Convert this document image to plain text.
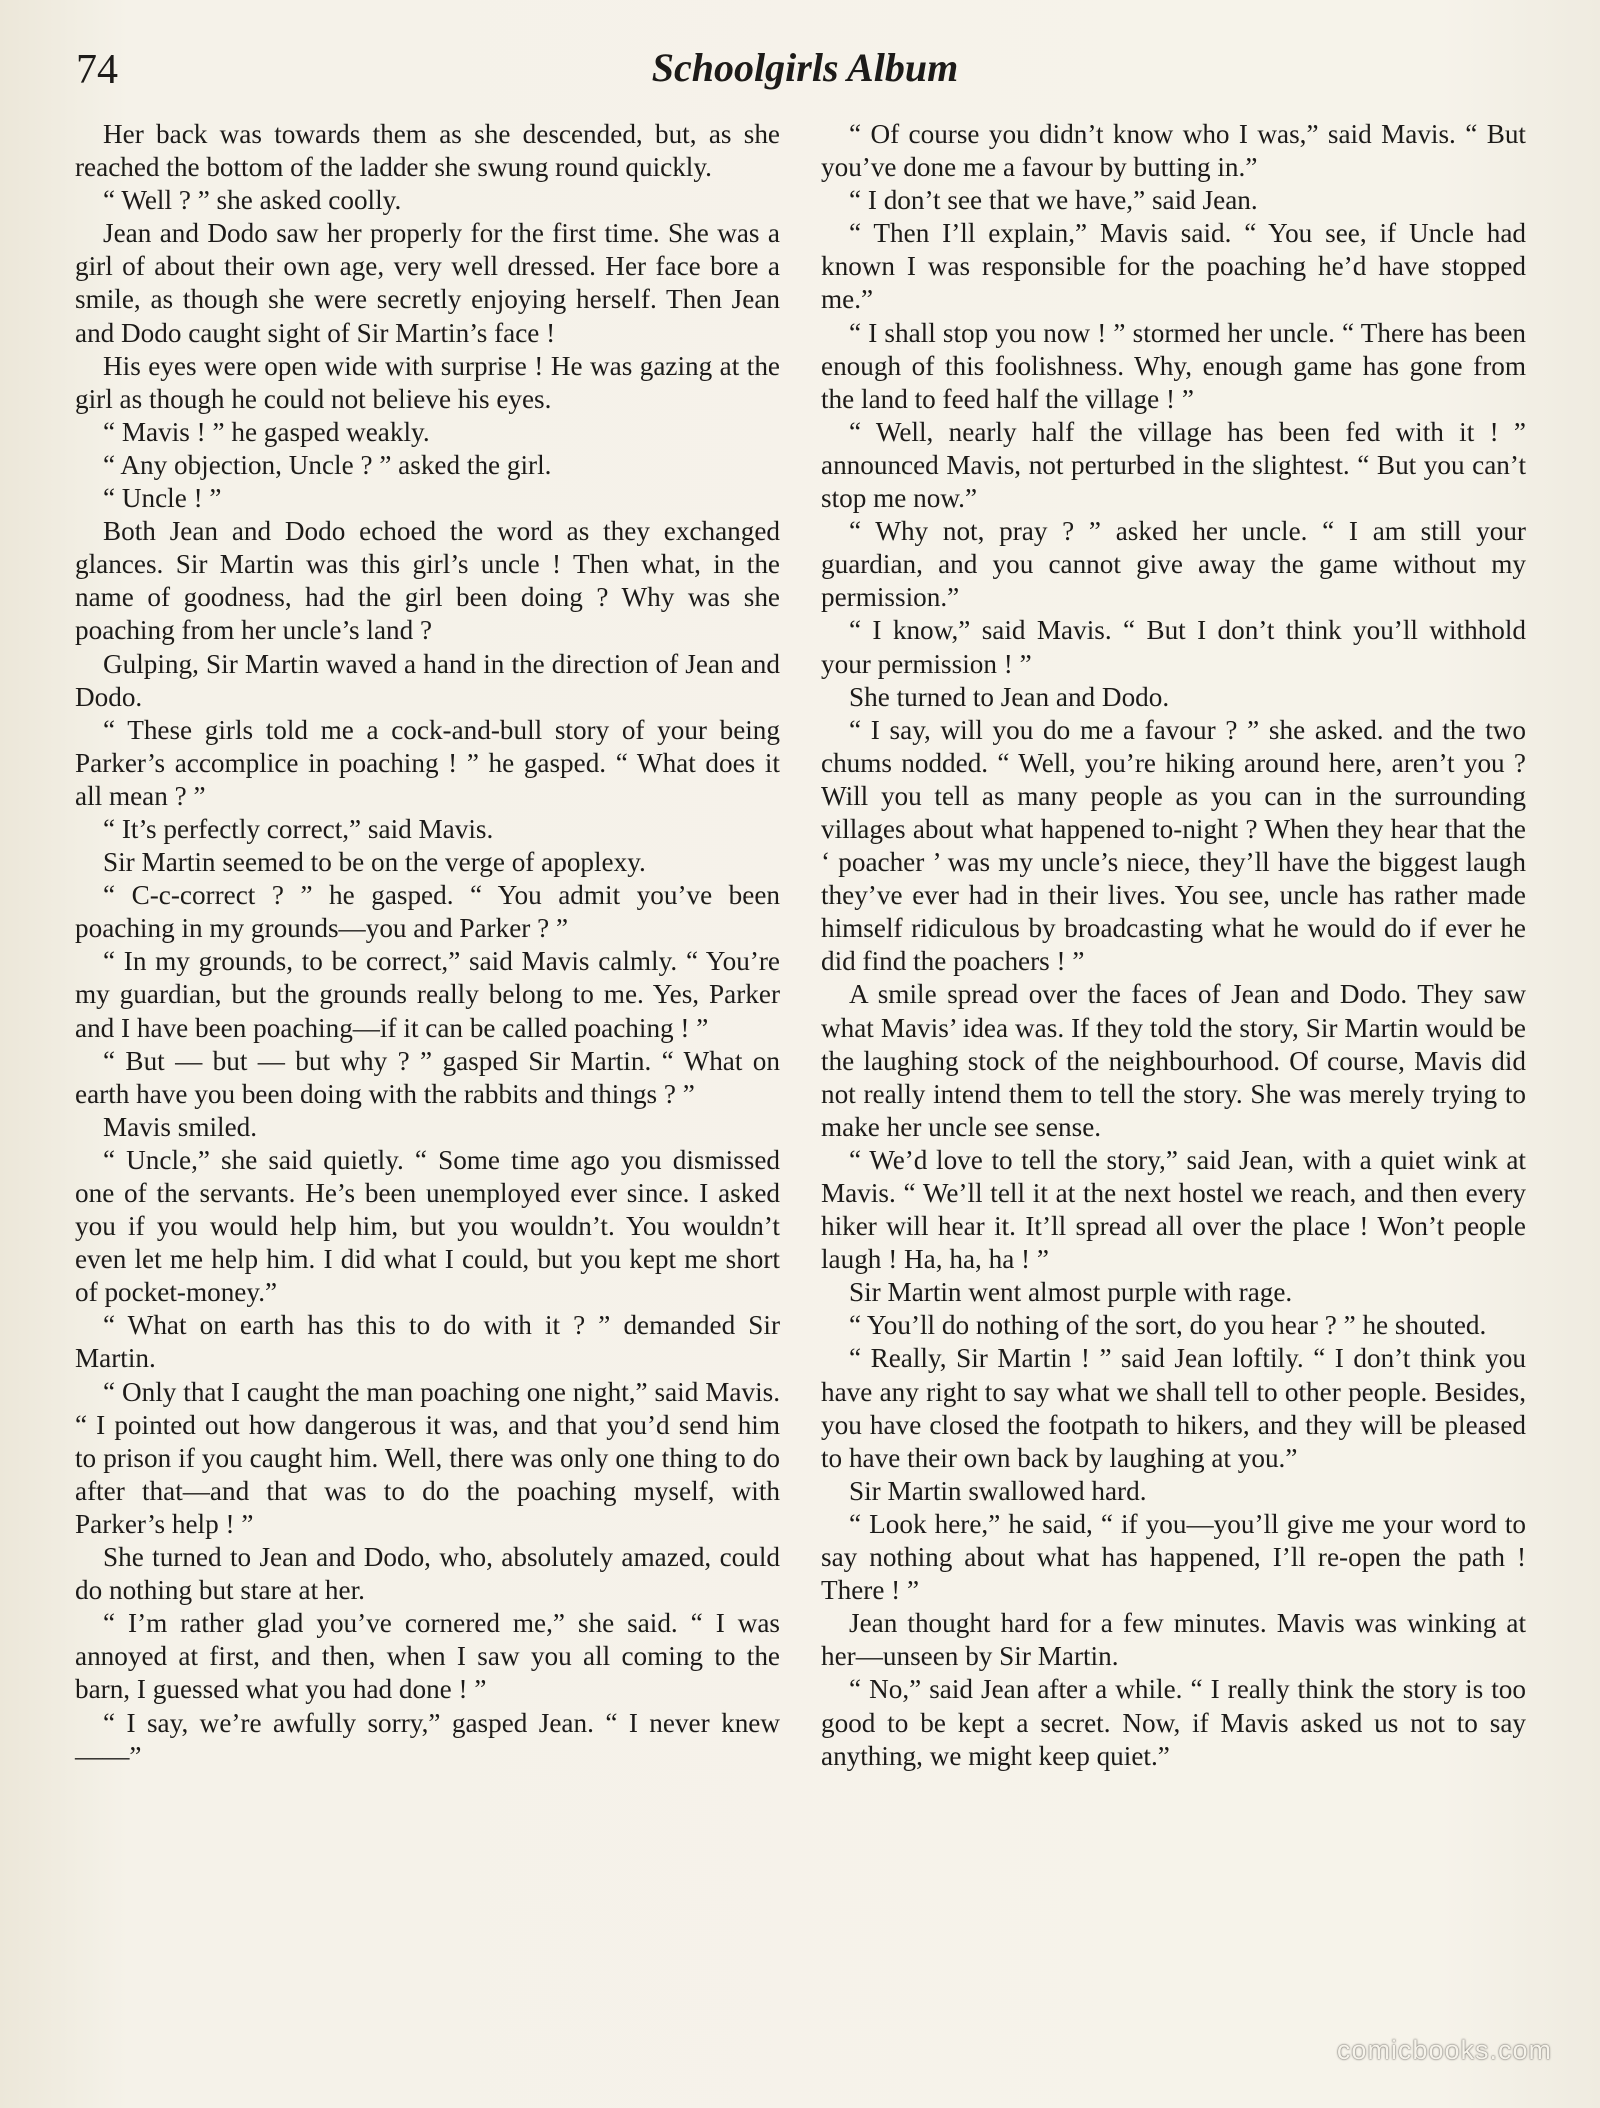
74	Schoolgirls Album

Her back was towards them as she descended, but, as she reached the bottom of the ladder she swung round quickly.

“ Well ? ” she asked coolly.

Jean and Dodo saw her properly for the first time. She was a girl of about their own age, very well dressed. Her face bore a smile, as though she were secretly enjoying herself. Then Jean and Dodo caught sight of Sir Martin’s face !

His eyes were open wide with surprise ! He was gazing at the girl as though he could not believe his eyes.

“ Mavis ! ” he gasped weakly.

“ Any objection, Uncle ? ” asked the girl.

“ Uncle ! ”

Both Jean and Dodo echoed the word as they exchanged glances. Sir Martin was this girl’s uncle ! Then what, in the name of goodness, had the girl been doing ? Why was she poaching from her uncle’s land ?

Gulping, Sir Martin waved a hand in the direction of Jean and Dodo.

“ These girls told me a cock-and-bull story of your being Parker’s accomplice in poaching ! ” he gasped. “ What does it all mean ? ”

“ It’s perfectly correct,” said Mavis.

Sir Martin seemed to be on the verge of apoplexy.

“ C-c-correct ? ” he gasped. “ You admit you’ve been poaching in my grounds—you and Parker ? ”

“ In my grounds, to be correct,” said Mavis calmly. “ You’re my guardian, but the grounds really belong to me. Yes, Parker and I have been poaching—if it can be called poaching ! ”

“ But — but — but why ? ” gasped Sir Martin. “ What on earth have you been doing with the rabbits and things ? ”

Mavis smiled.

“ Uncle,” she said quietly. “ Some time ago you dismissed one of the servants. He’s been unemployed ever since. I asked you if you would help him, but you wouldn’t. You wouldn’t even let me help him. I did what I could, but you kept me short of pocket-money.”

“ What on earth has this to do with it ? ” demanded Sir Martin.

“ Only that I caught the man poaching one night,” said Mavis. “ I pointed out how dangerous it was, and that you’d send him to prison if you caught him. Well, there was only one thing to do after that—and that was to do the poaching myself, with Parker’s help ! ”

She turned to Jean and Dodo, who, absolutely amazed, could do nothing but stare at her.

“ I’m rather glad you’ve cornered me,” she said. “ I was annoyed at first, and then, when I saw you all coming to the barn, I guessed what you had done ! ”

“ I say, we’re awfully sorry,” gasped Jean. “ I never knew——”

“ Of course you didn’t know who I was,” said Mavis. “ But you’ve done me a favour by butting in.”

“ I don’t see that we have,” said Jean.

“ Then I’ll explain,” Mavis said. “ You see, if Uncle had known I was responsible for the poaching he’d have stopped me.”

“ I shall stop you now ! ” stormed her uncle. “ There has been enough of this foolishness. Why, enough game has gone from the land to feed half the village ! ”

“ Well, nearly half the village has been fed with it ! ” announced Mavis, not perturbed in the slightest. “ But you can’t stop me now.”

“ Why not, pray ? ” asked her uncle. “ I am still your guardian, and you cannot give away the game without my permission.”

“ I know,” said Mavis. “ But I don’t think you’ll withhold your permission ! ”

She turned to Jean and Dodo.

“ I say, will you do me a favour ? ” she asked. and the two chums nodded. “ Well, you’re hiking around here, aren’t you ? Will you tell as many people as you can in the surrounding villages about what happened to-night ? When they hear that the ‘ poacher ’ was my uncle’s niece, they’ll have the biggest laugh they’ve ever had in their lives. You see, uncle has rather made himself ridiculous by broadcasting what he would do if ever he did find the poachers ! ”

A smile spread over the faces of Jean and Dodo. They saw what Mavis’ idea was. If they told the story, Sir Martin would be the laughing stock of the neighbourhood. Of course, Mavis did not really intend them to tell the story. She was merely trying to make her uncle see sense.

“ We’d love to tell the story,” said Jean, with a quiet wink at Mavis. “ We’ll tell it at the next hostel we reach, and then every hiker will hear it. It’ll spread all over the place ! Won’t people laugh ! Ha, ha, ha ! ”

Sir Martin went almost purple with rage.

“ You’ll do nothing of the sort, do you hear ? ” he shouted.

“ Really, Sir Martin ! ” said Jean loftily. “ I don’t think you have any right to say what we shall tell to other people. Besides, you have closed the footpath to hikers, and they will be pleased to have their own back by laughing at you.”

Sir Martin swallowed hard.

“ Look here,” he said, “ if you—you’ll give me your word to say nothing about what has happened, I’ll re-open the path ! There ! ”

Jean thought hard for a few minutes. Mavis was winking at her—unseen by Sir Martin.

“ No,” said Jean after a while. “ I really think the story is too good to be kept a secret. Now, if Mavis asked us not to say anything, we might keep quiet.”

comicbooks.com
